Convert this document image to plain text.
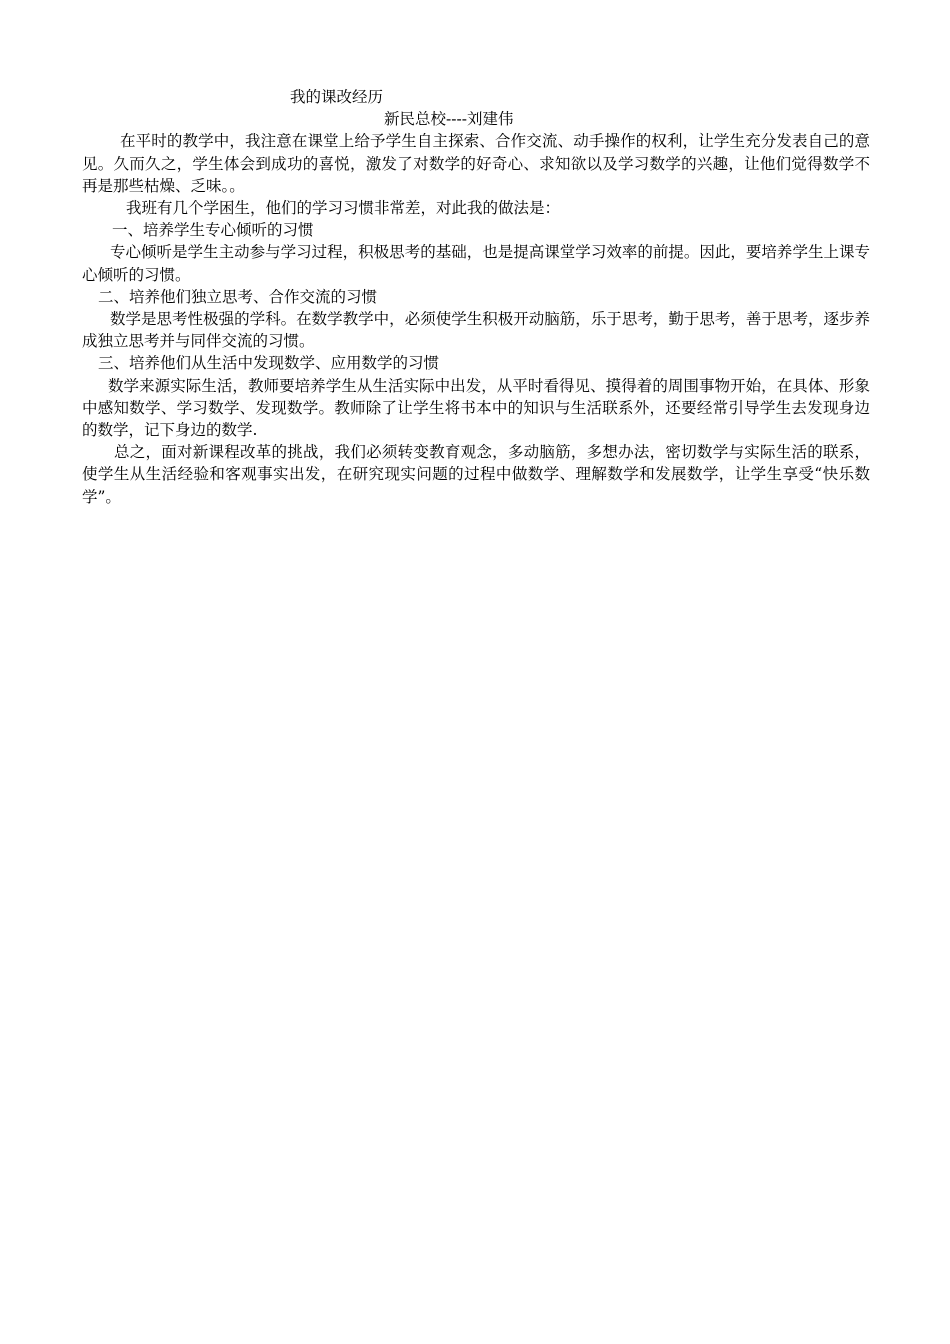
我的课改经历

新民总校----刘建伟

在平时的教学中，我注意在课堂上给予学生自主探索、合作交流、动手操作的权利，让学生充分发表自己的意见。久而久之，学生体会到成功的喜悦，激发了对数学的好奇心、求知欲以及学习数学的兴趣，让他们觉得数学不再是那些枯燥、乏味。。

我班有几个学困生，他们的学习习惯非常差，对此我的做法是：

一、培养学生专心倾听的习惯

专心倾听是学生主动参与学习过程，积极思考的基础，也是提高课堂学习效率的前提。因此，要培养学生上课专心倾听的习惯。

二、培养他们独立思考、合作交流的习惯

数学是思考性极强的学科。在数学教学中，必须使学生积极开动脑筋，乐于思考，勤于思考，善于思考，逐步养成独立思考并与同伴交流的习惯。

三、培养他们从生活中发现数学、应用数学的习惯

数学来源实际生活，教师要培养学生从生活实际中出发，从平时看得见、摸得着的周围事物开始，在具体、形象中感知数学、学习数学、发现数学。教师除了让学生将书本中的知识与生活联系外，还要经常引导学生去发现身边的数学，记下身边的数学.

总之，面对新课程改革的挑战，我们必须转变教育观念，多动脑筋，多想办法，密切数学与实际生活的联系，使学生从生活经验和客观事实出发，在研究现实问题的过程中做数学、理解数学和发展数学，让学生享受“快乐数学”。
